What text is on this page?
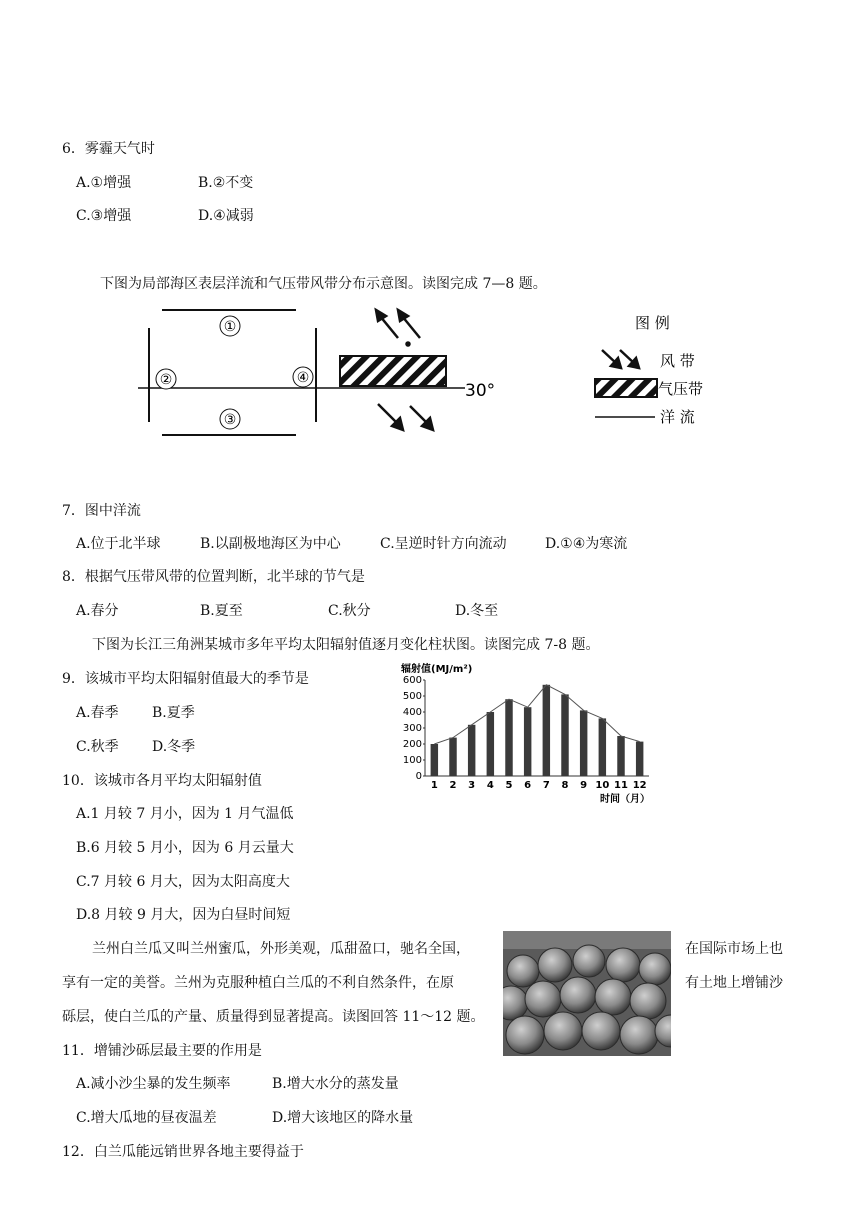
6．雾霾天气时
A.①增强	B.②不变
C.③增强	D.④减弱
下图为局部海区表层洋流和气压带风带分布示意图。读图完成 7—8 题。
①
②
③
④
30°
图 例
风 带
气压带
洋 流
7．图中洋流
A.位于北半球	B.以副极地海区为中心	C.呈逆时针方向流动	D.①④为寒流
8．根据气压带风带的位置判断，北半球的节气是
A.春分	B.夏至	C.秋分	D.冬至
下图为长江三角洲某城市多年平均太阳辐射值逐月变化柱状图。读图完成 7-8 题。
9．该城市平均太阳辐射值最大的季节是
A.春季 B.夏季
C.秋季 D.冬季
辐射值(MJ/m²)
0
100
200
300
400
500
600
1 2 3 4 5 6 7 8 9 10 11 12
时间（月）
10．该城市各月平均太阳辐射值
A.1 月较 7 月小，因为 1 月气温低
B.6 月较 5 月小，因为 6 月云量大
C.7 月较 6 月大，因为太阳高度大
D.8 月较 9 月大，因为白昼时间短
兰州白兰瓜又叫兰州蜜瓜，外形美观，瓜甜盈口，驰名全国，	在国际市场上也
享有一定的美誉。兰州为克服种植白兰瓜的不利自然条件，在原	有土地上增铺沙
砾层，使白兰瓜的产量、质量得到显著提高。读图回答 11～12 题。
11．增铺沙砾层最主要的作用是
A.减小沙尘暴的发生频率	B.增大水分的蒸发量
C.增大瓜地的昼夜温差	D.增大该地区的降水量
12．白兰瓜能远销世界各地主要得益于
